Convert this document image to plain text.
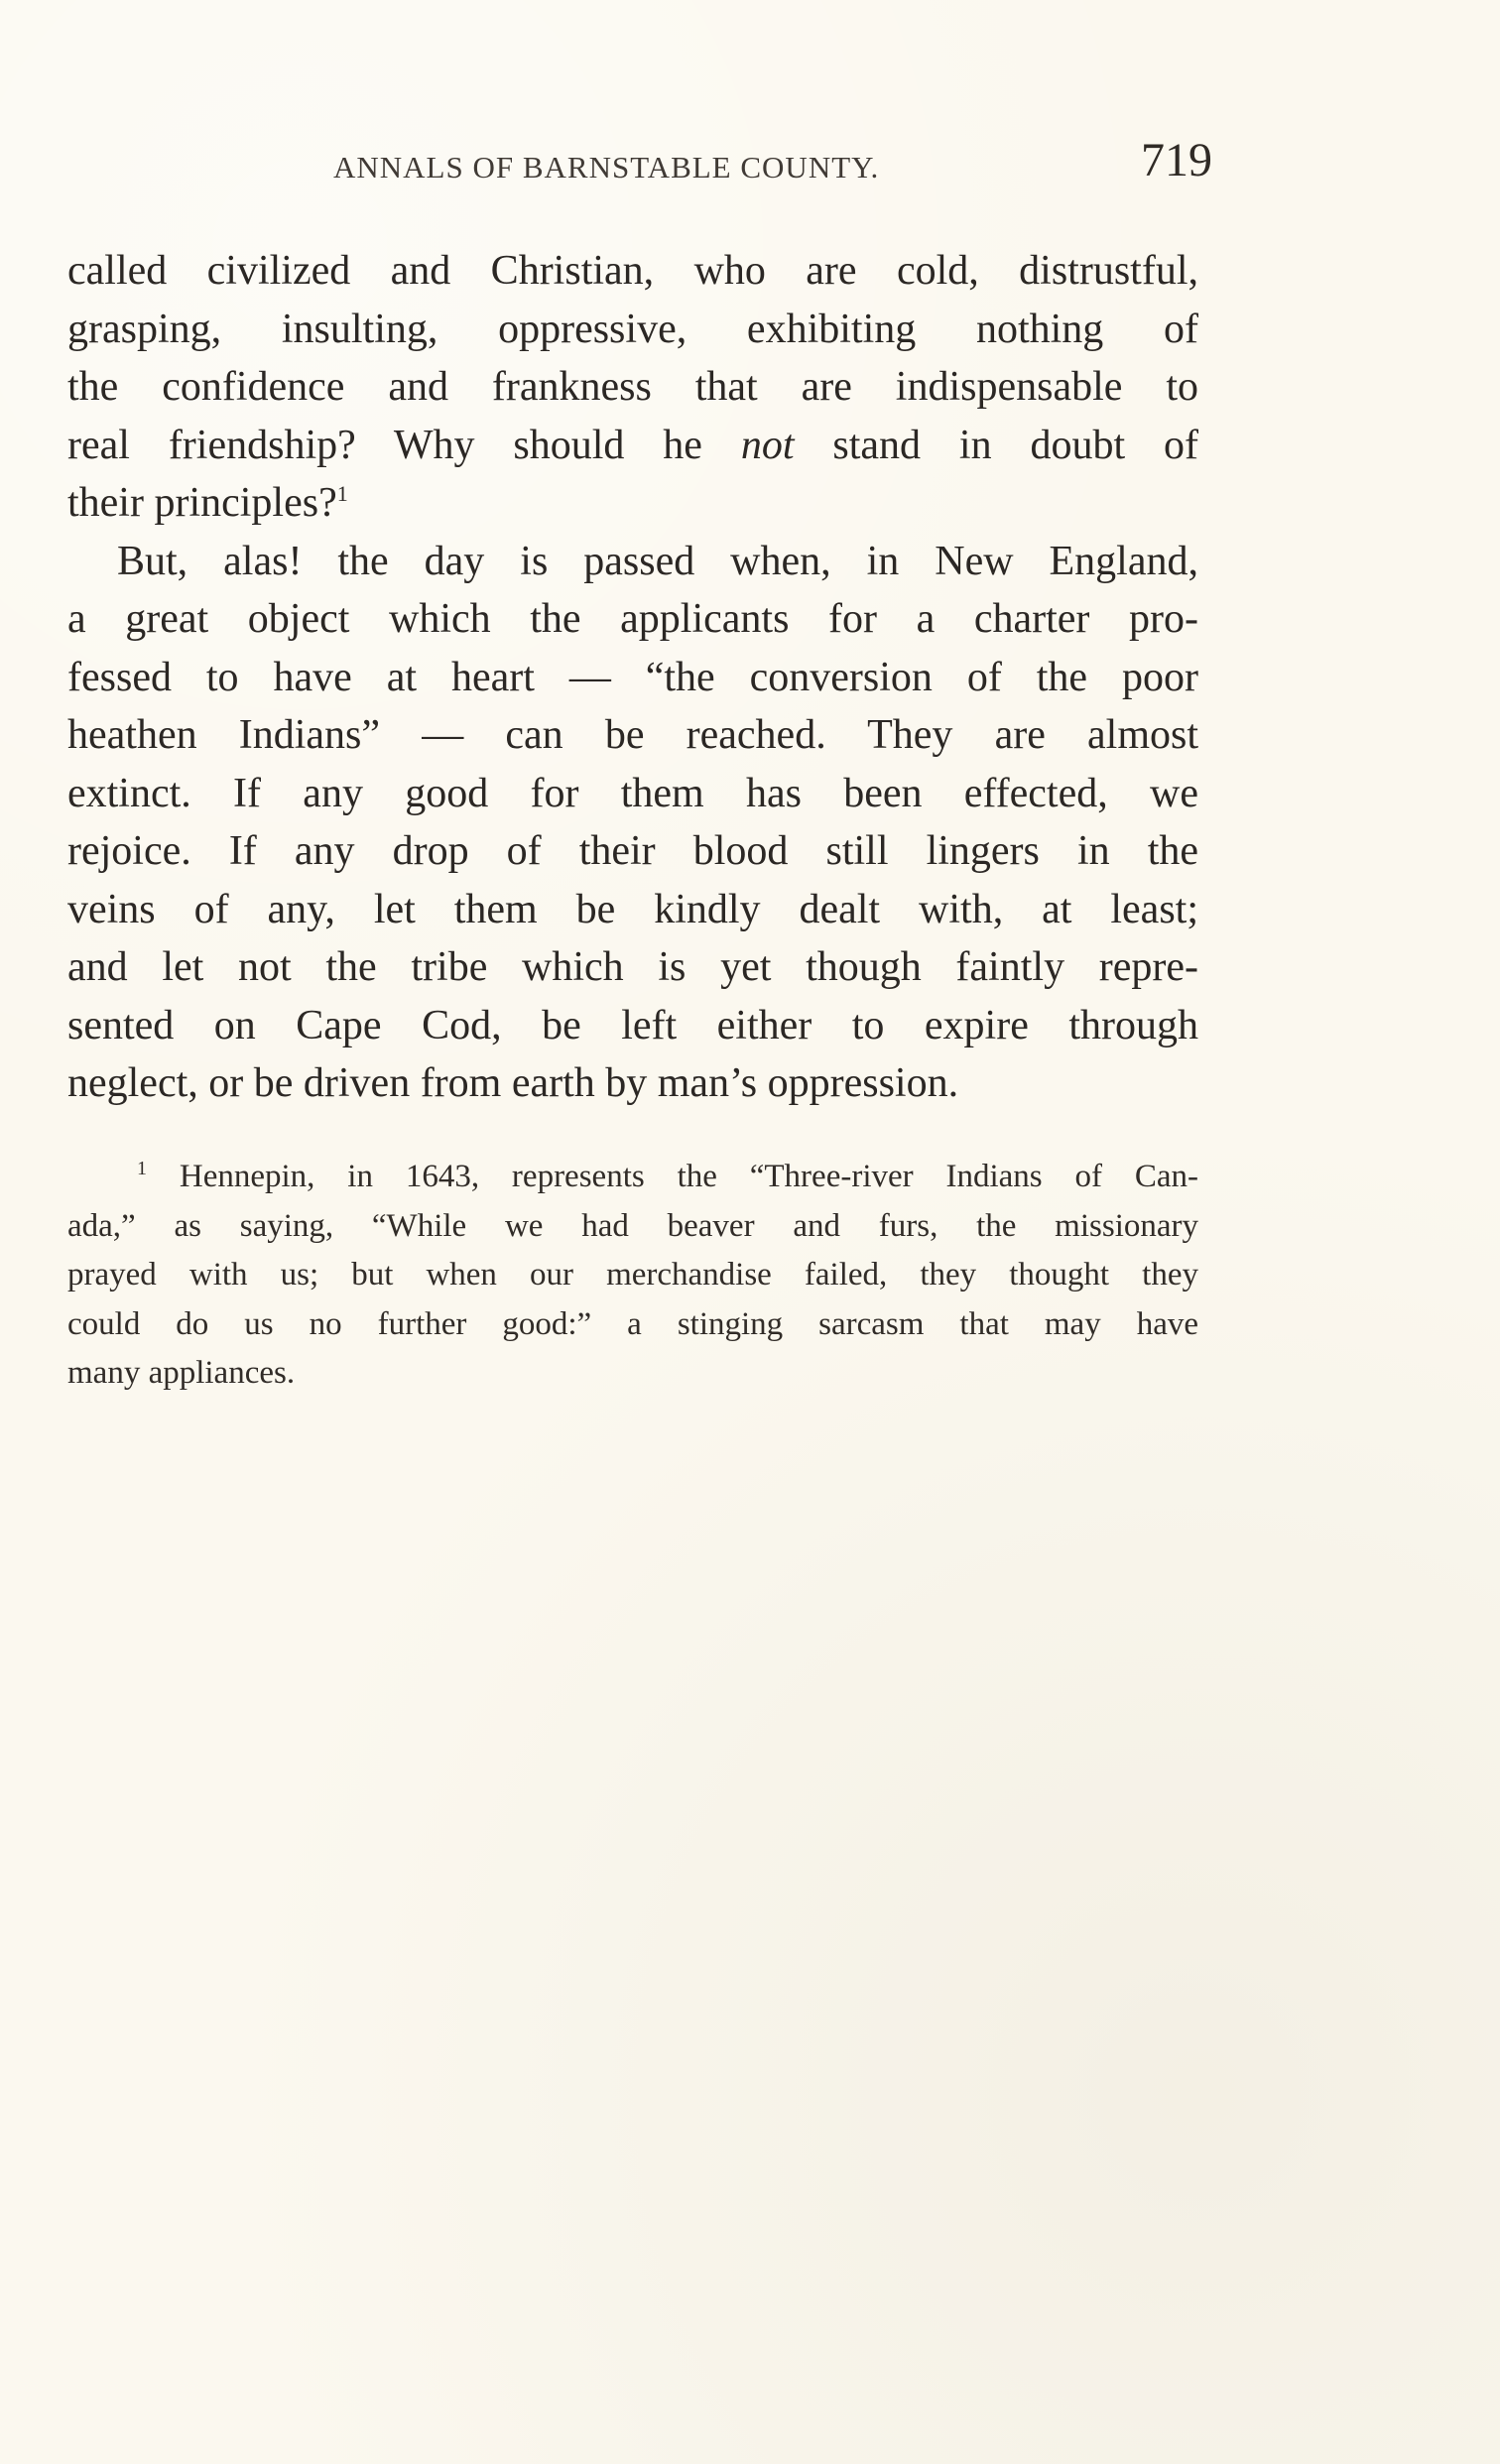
ANNALS OF BARNSTABLE COUNTY.	719
called civilized and Christian, who are cold, distrustful,
grasping, insulting, oppressive, exhibiting nothing of
the confidence and frankness that are indispensable to
real friendship? Why should he not stand in doubt of
their principles?$^1$
But, alas! the day is passed when, in New England,
a great object which the applicants for a charter pro-
fessed to have at heart — “the conversion of the poor
heathen Indians” — can be reached. They are almost
extinct. If any good for them has been effected, we
rejoice. If any drop of their blood still lingers in the
veins of any, let them be kindly dealt with, at least;
and let not the tribe which is yet though faintly repre-
sented on Cape Cod, be left either to expire through
neglect, or be driven from earth by man’s oppression.
$^1$ Hennepin, in 1643, represents the “Three-river Indians of Can-
ada,” as saying, “While we had beaver and furs, the missionary
prayed with us; but when our merchandise failed, they thought they
could do us no further good:” a stinging sarcasm that may have
many appliances.
